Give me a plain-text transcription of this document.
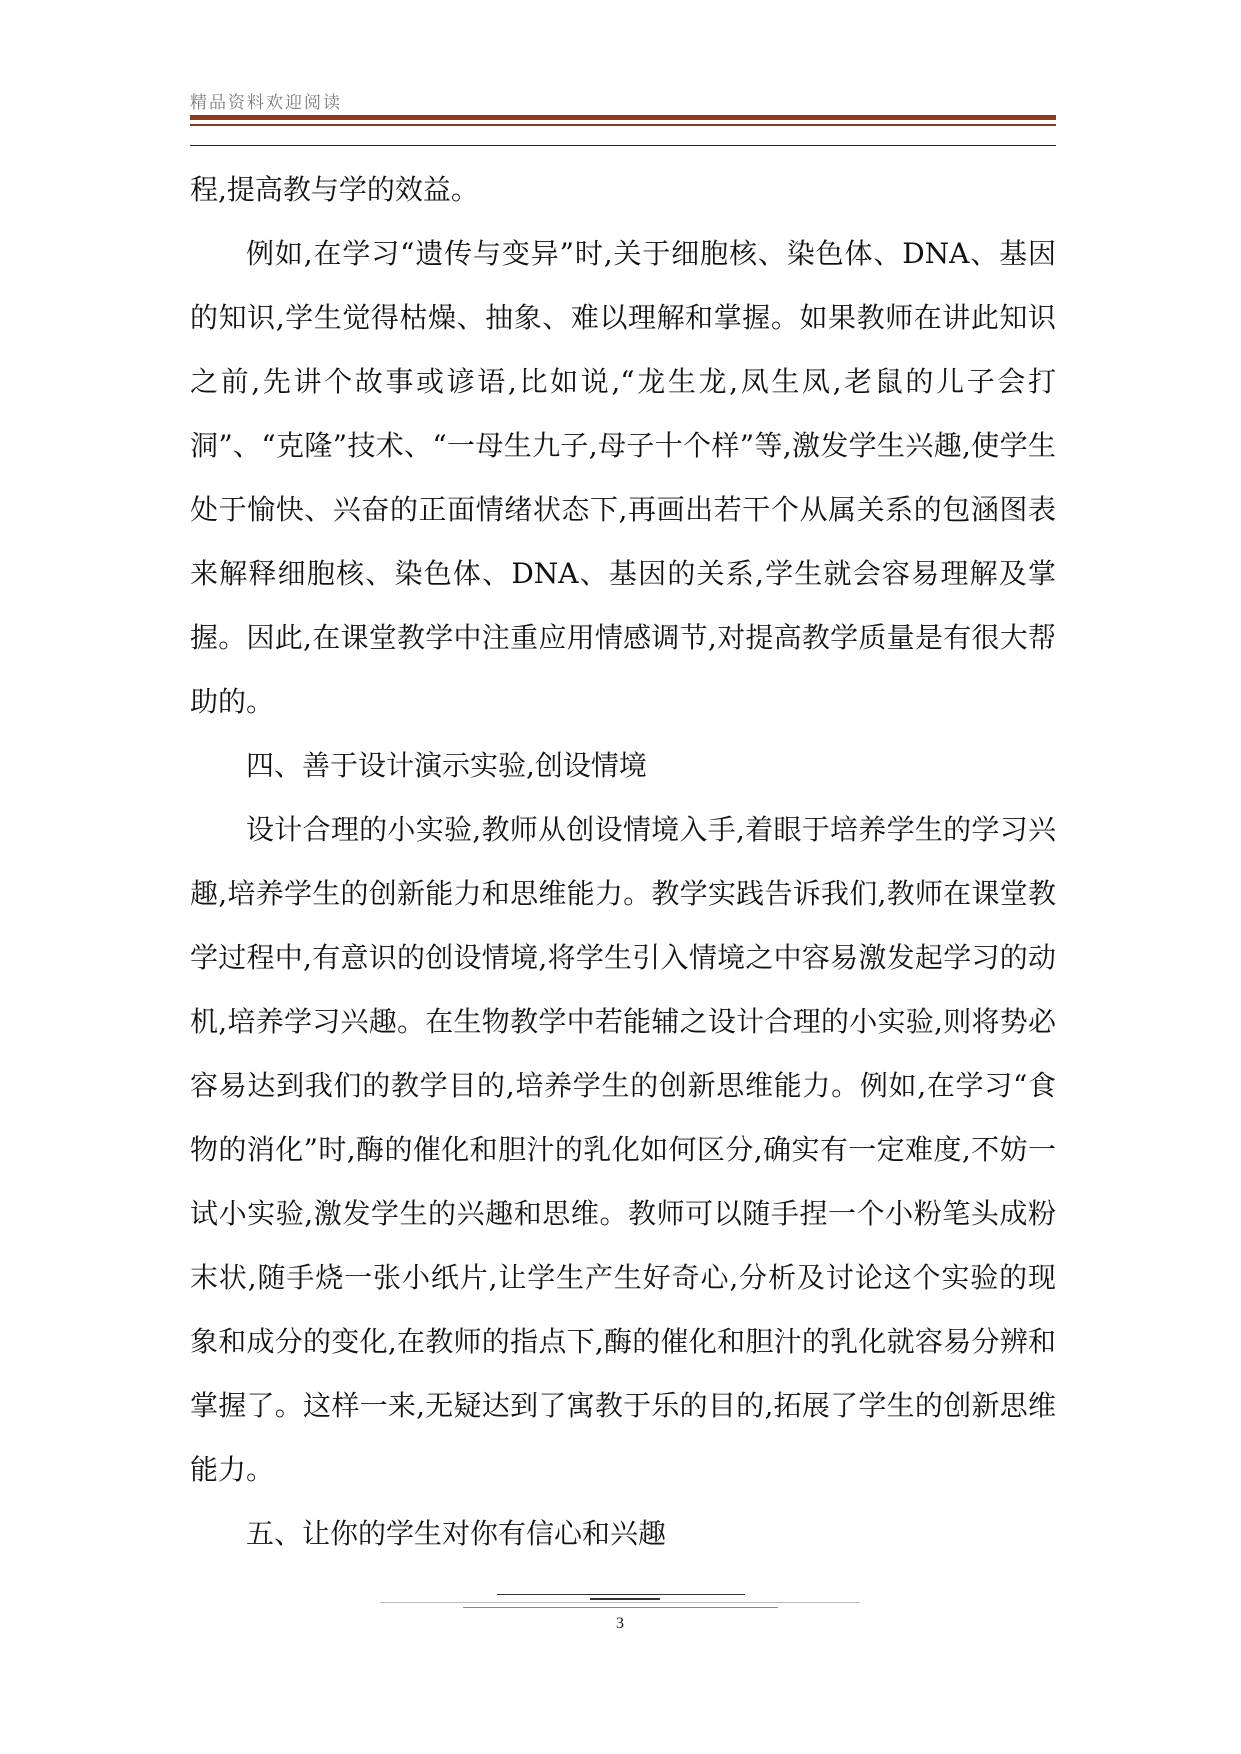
精品资料欢迎阅读

程,提高教与学的效益。

例如,在学习“遗传与变异”时,关于细胞核、染色体、DNA、基因的知识,学生觉得枯燥、抽象、难以理解和掌握。如果教师在讲此知识之前,先讲个故事或谚语,比如说,“龙生龙,凤生凤,老鼠的儿子会打洞”、“克隆”技术、“一母生九子,母子十个样”等,激发学生兴趣,使学生处于愉快、兴奋的正面情绪状态下,再画出若干个从属关系的包涵图表来解释细胞核、染色体、DNA、基因的关系,学生就会容易理解及掌握。因此,在课堂教学中注重应用情感调节,对提高教学质量是有很大帮助的。

四、善于设计演示实验,创设情境

设计合理的小实验,教师从创设情境入手,着眼于培养学生的学习兴趣,培养学生的创新能力和思维能力。教学实践告诉我们,教师在课堂教学过程中,有意识的创设情境,将学生引入情境之中容易激发起学习的动机,培养学习兴趣。在生物教学中若能辅之设计合理的小实验,则将势必容易达到我们的教学目的,培养学生的创新思维能力。例如,在学习“食物的消化”时,酶的催化和胆汁的乳化如何区分,确实有一定难度,不妨一试小实验,激发学生的兴趣和思维。教师可以随手捏一个小粉笔头成粉末状,随手烧一张小纸片,让学生产生好奇心,分析及讨论这个实验的现象和成分的变化,在教师的指点下,酶的催化和胆汁的乳化就容易分辨和掌握了。这样一来,无疑达到了寓教于乐的目的,拓展了学生的创新思维能力。

五、让你的学生对你有信心和兴趣

3
